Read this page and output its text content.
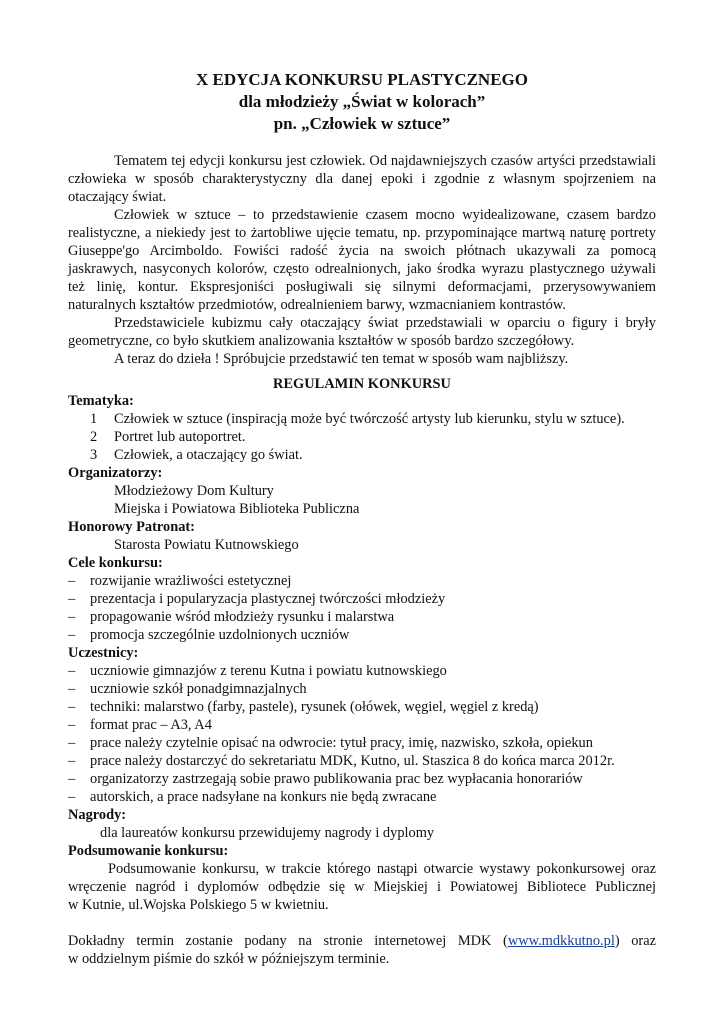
X EDYCJA KONKURSU PLASTYCZNEGO
dla młodzieży „Świat w kolorach”
pn. „Człowiek w sztuce”
Tematem tej edycji konkursu jest człowiek. Od najdawniejszych czasów artyści przedstawiali
człowieka w sposób charakterystyczny dla danej epoki i zgodnie z własnym spojrzeniem na
otaczający świat.
Człowiek w sztuce – to przedstawienie czasem mocno wyidealizowane, czasem bardzo
realistyczne, a niekiedy jest to żartobliwe ujęcie tematu, np. przypominające martwą naturę portrety
Giuseppe'go Arcimboldo. Fowiści radość życia na swoich płótnach ukazywali za pomocą
jaskrawych, nasyconych kolorów, często odrealnionych, jako środka wyrazu plastycznego używali
też linię, kontur. Ekspresjoniści posługiwali się silnymi deformacjami, przerysowywaniem
naturalnych kształtów przedmiotów, odrealnieniem barwy, wzmacnianiem kontrastów.
Przedstawiciele kubizmu cały otaczający świat przedstawiali w oparciu o figury i bryły
geometryczne, co było skutkiem analizowania kształtów w sposób bardzo szczegółowy.
A teraz do dzieła ! Spróbujcie przedstawić ten temat w sposób wam najbliższy.
REGULAMIN KONKURSU
Tematyka:
1 Człowiek w sztuce (inspiracją może być twórczość artysty lub kierunku, stylu w sztuce).
2 Portret lub autoportret.
3 Człowiek, a otaczający go świat.
Organizatorzy:
Młodzieżowy Dom Kultury
Miejska i Powiatowa Biblioteka Publiczna
Honorowy Patronat:
Starosta Powiatu Kutnowskiego
Cele konkursu:
– rozwijanie wrażliwości estetycznej
– prezentacja i popularyzacja plastycznej twórczości młodzieży
– propagowanie wśród młodzieży rysunku i malarstwa
– promocja szczególnie uzdolnionych uczniów
Uczestnicy:
– uczniowie gimnazjów z terenu Kutna i powiatu kutnowskiego
– uczniowie szkół ponadgimnazjalnych
– techniki: malarstwo (farby, pastele), rysunek (ołówek, węgiel, węgiel z kredą)
– format prac – A3, A4
– prace należy czytelnie opisać na odwrocie: tytuł pracy, imię, nazwisko, szkoła, opiekun
– prace należy dostarczyć do sekretariatu MDK, Kutno, ul. Staszica 8 do końca marca 2012r.
– organizatorzy zastrzegają sobie prawo publikowania prac bez wypłacania honorariów
– autorskich, a prace nadsyłane na konkurs nie będą zwracane
Nagrody:
dla laureatów konkursu przewidujemy nagrody i dyplomy
Podsumowanie konkursu:
Podsumowanie konkursu, w trakcie którego nastąpi otwarcie wystawy pokonkursowej oraz
wręczenie nagród i dyplomów odbędzie się w Miejskiej i Powiatowej Bibliotece Publicznej
w Kutnie, ul.Wojska Polskiego 5 w kwietniu.
Dokładny termin zostanie podany na stronie internetowej MDK (www.mdkkutno.pl) oraz
w oddzielnym piśmie do szkół w późniejszym terminie.
